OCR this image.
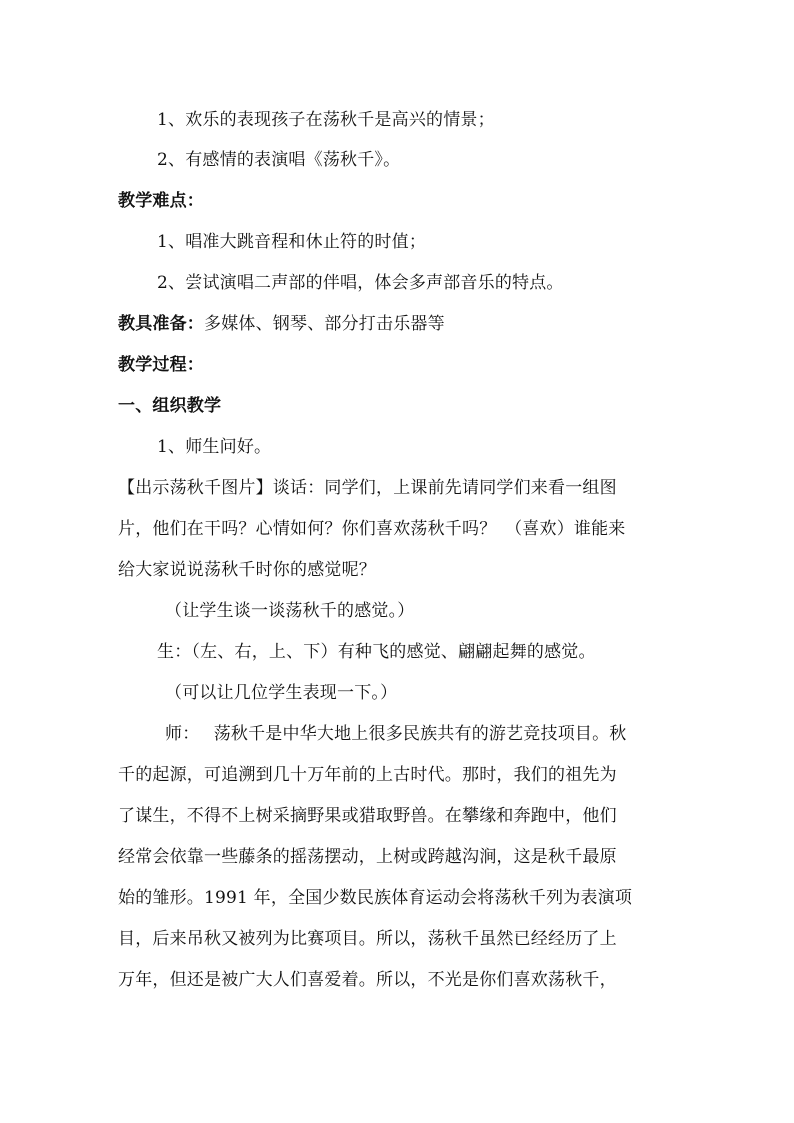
1、欢乐的表现孩子在荡秋千是高兴的情景；
2、有感情的表演唱《荡秋千》。
教学难点：
1、唱准大跳音程和休止符的时值；
2、尝试演唱二声部的伴唱，体会多声部音乐的特点。
教具准备：多媒体、钢琴、部分打击乐器等
教学过程：
一、组织教学
1、师生问好。
【出示荡秋千图片】谈话：同学们，上课前先请同学们来看一组图
片，他们在干吗？心情如何？你们喜欢荡秋千吗？　（喜欢）谁能来
给大家说说荡秋千时你的感觉呢？
（让学生谈一谈荡秋千的感觉。）
生：（左、右，上、下）有种飞的感觉、翩翩起舞的感觉。
（可以让几位学生表现一下。）
师：　 荡秋千是中华大地上很多民族共有的游艺竞技项目。秋
千的起源，可追溯到几十万年前的上古时代。那时，我们的祖先为
了谋生，不得不上树采摘野果或猎取野兽。在攀缘和奔跑中，他们
经常会依靠一些藤条的摇荡摆动，上树或跨越沟涧，这是秋千最原
始的雏形。1991 年，全国少数民族体育运动会将荡秋千列为表演项
目，后来吊秋又被列为比赛项目。所以，荡秋千虽然已经经历了上
万年，但还是被广大人们喜爱着。所以，不光是你们喜欢荡秋千，
